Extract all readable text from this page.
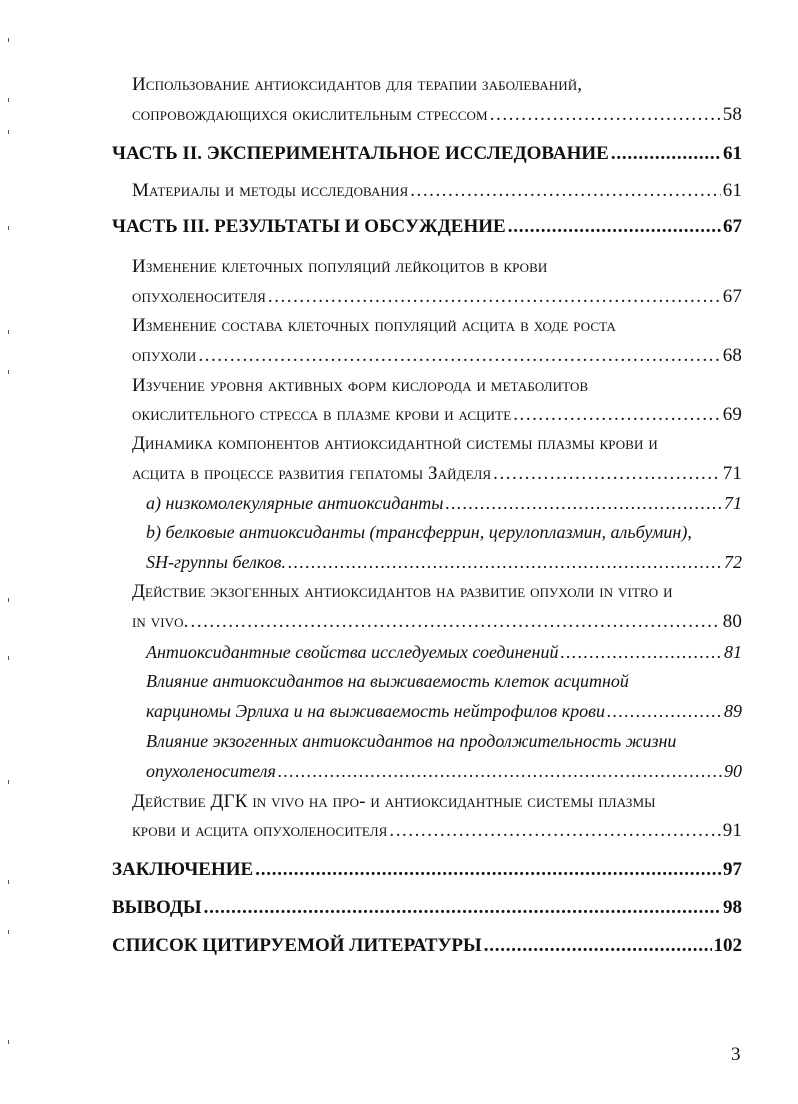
Использование антиоксидантов для терапии заболеваний,
сопровождающихся окислительным стрессом . . .	58
ЧАСТЬ II. ЭКСПЕРИМЕНТАЛЬНОЕ ИССЛЕДОВАНИЕ . . .	61
Материалы и методы исследования . . .	61
ЧАСТЬ III. РЕЗУЛЬТАТЫ И ОБСУЖДЕНИЕ . . .	67
Изменение клеточных популяций лейкоцитов в крови
опухоленосителя . . .	67
Изменение состава клеточных популяций асцита в ходе роста
опухоли . . .	68
Изучение уровня активных форм кислорода и метаболитов
окислительного стресса в плазме крови и асците . . .	69
Динамика компонентов антиоксидантной системы плазмы крови и
асцита в процессе развития гепатомы Зайделя . . .	71
а) низкомолекулярные антиоксиданты . . .	71
b) белковые антиоксиданты (трансферрин, церулоплазмин, альбумин),
SH-группы белков. . . .	72
Действие экзогенных антиоксидантов на развитие опухоли in vitro и
in vivo. . . .	80
Антиоксидантные свойства исследуемых соединений . . .	81
Влияние антиоксидантов на выживаемость клеток асцитной
карциномы Эрлиха и на выживаемость нейтрофилов крови . . .	89
Влияние экзогенных антиоксидантов на продолжительность жизни
опухоленосителя . . .	90
Действие ДГК in vivo на про- и антиоксидантные системы плазмы
крови и асцита опухоленосителя . . .	91
ЗАКЛЮЧЕНИЕ . . .	97
ВЫВОДЫ . . .	98
СПИСОК ЦИТИРУЕМОЙ ЛИТЕРАТУРЫ . . .	102
3
